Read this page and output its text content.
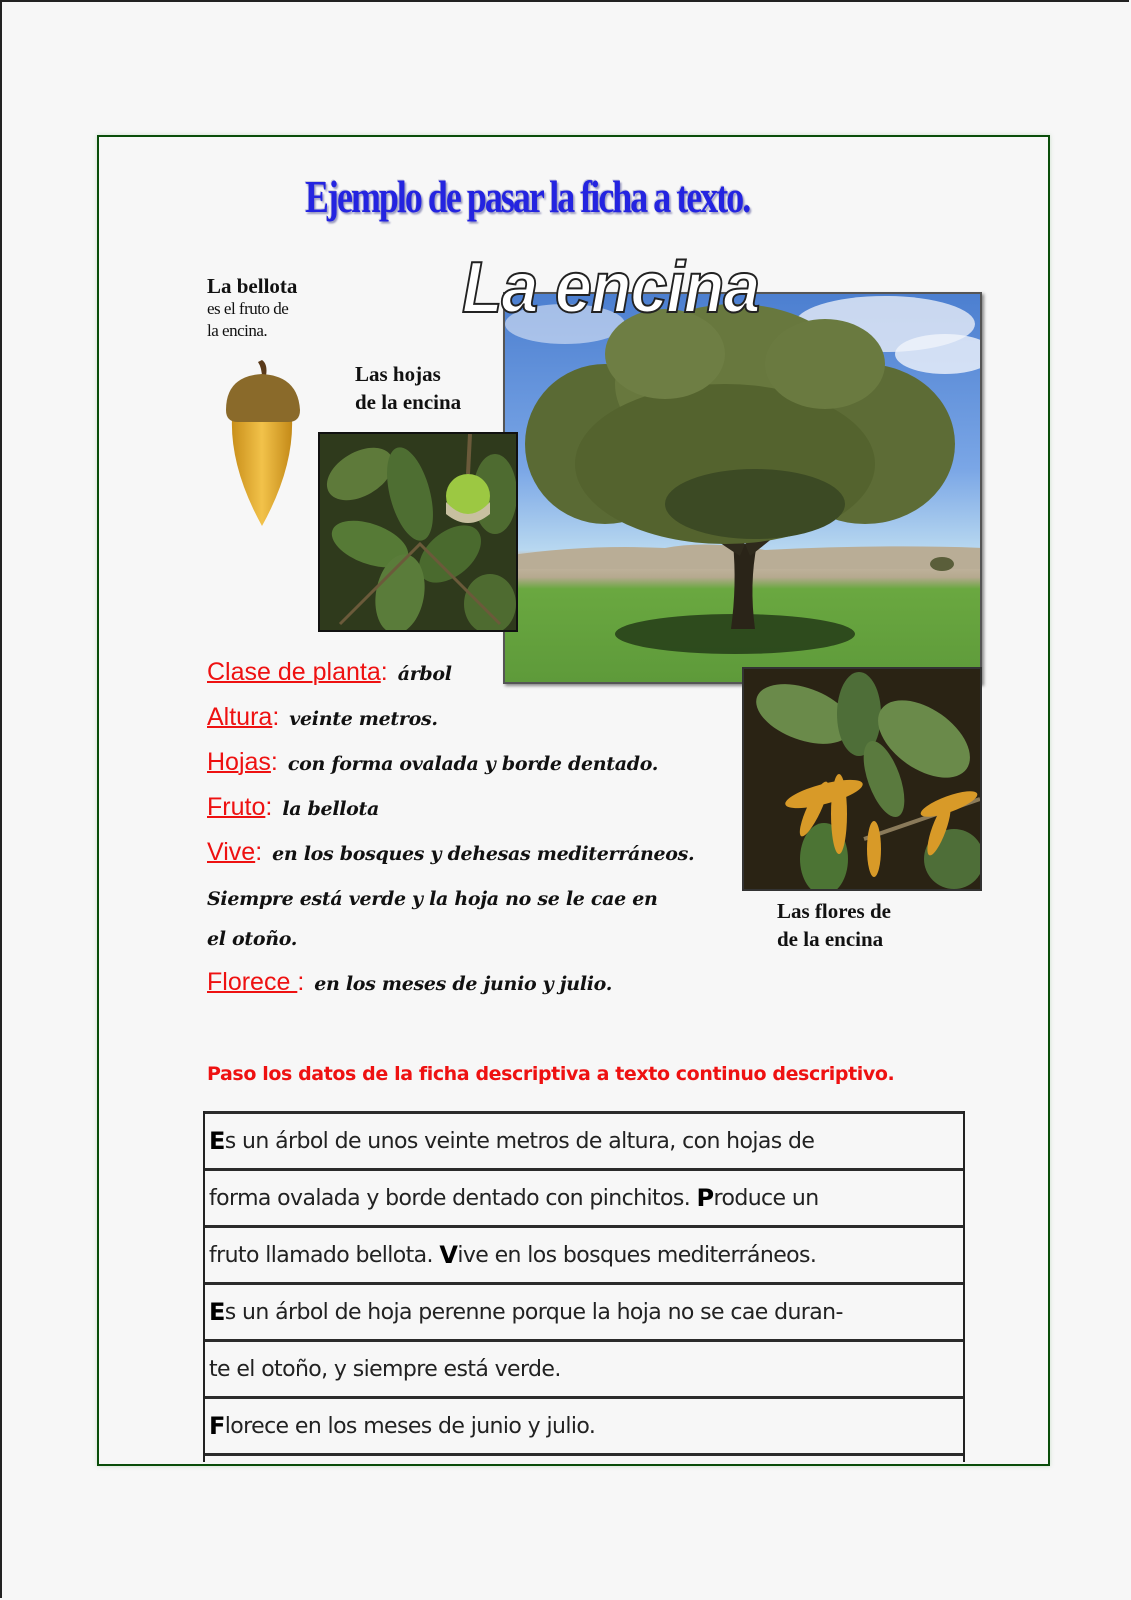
Ejemplo de pasar la ficha a texto.
La encina
La bellota
es el fruto de
la encina.
Las hojas
de la encina
Las flores de
de la encina
Clase de planta: árbol
Altura: veinte metros.
Hojas: con forma ovalada y borde dentado.
Fruto: la bellota
Vive: en los bosques y dehesas mediterráneos.
Siempre está verde y la hoja no se le cae en
el otoño.
Florece : en los meses de junio y julio.
Paso los datos de la ficha descriptiva a texto continuo descriptivo.
E s un árbol de unos veinte metros de altura, con hojas de
forma ovalada y borde dentado con pinchitos. P roduce un
fruto llamado bellota. V ive en los bosques mediterráneos.
E s un árbol de hoja perenne porque la hoja no se cae duran-
te el otoño, y siempre está verde.
F lorece en los meses de junio y julio.
